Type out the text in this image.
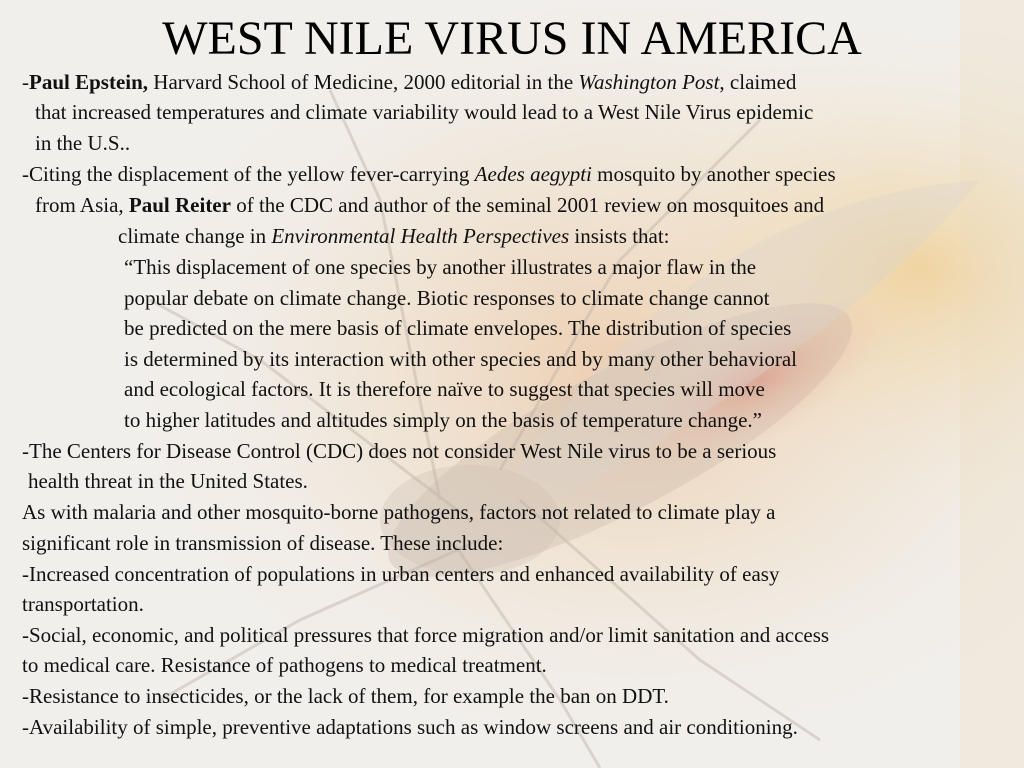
WEST NILE VIRUS IN AMERICA
-Paul Epstein, Harvard School of Medicine, 2000 editorial in the Washington Post, claimed
that increased temperatures and climate variability would lead to a West Nile Virus epidemic
in the U.S..
-Citing the displacement of the yellow fever-carrying Aedes aegypti mosquito by another species
from Asia, Paul Reiter of the CDC and author of the seminal 2001 review on mosquitoes and
climate change in Environmental Health Perspectives insists that:
“This displacement of one species by another illustrates a major flaw in the
popular debate on climate change. Biotic responses to climate change cannot
be predicted on the mere basis of climate envelopes. The distribution of species
is determined by its interaction with other species and by many other behavioral
and ecological factors. It is therefore naïve to suggest that species will move
to higher latitudes and altitudes simply on the basis of temperature change.”
-The Centers for Disease Control (CDC) does not consider West Nile virus to be a serious
health threat in the United States.
As with malaria and other mosquito-borne pathogens, factors not related to climate play a
significant role in transmission of disease. These include:
-Increased concentration of populations in urban centers and enhanced availability of easy
transportation.
-Social, economic, and political pressures that force migration and/or limit sanitation and access
to medical care. Resistance of pathogens to medical treatment.
-Resistance to insecticides, or the lack of them, for example the ban on DDT.
-Availability of simple, preventive adaptations such as window screens and air conditioning.
